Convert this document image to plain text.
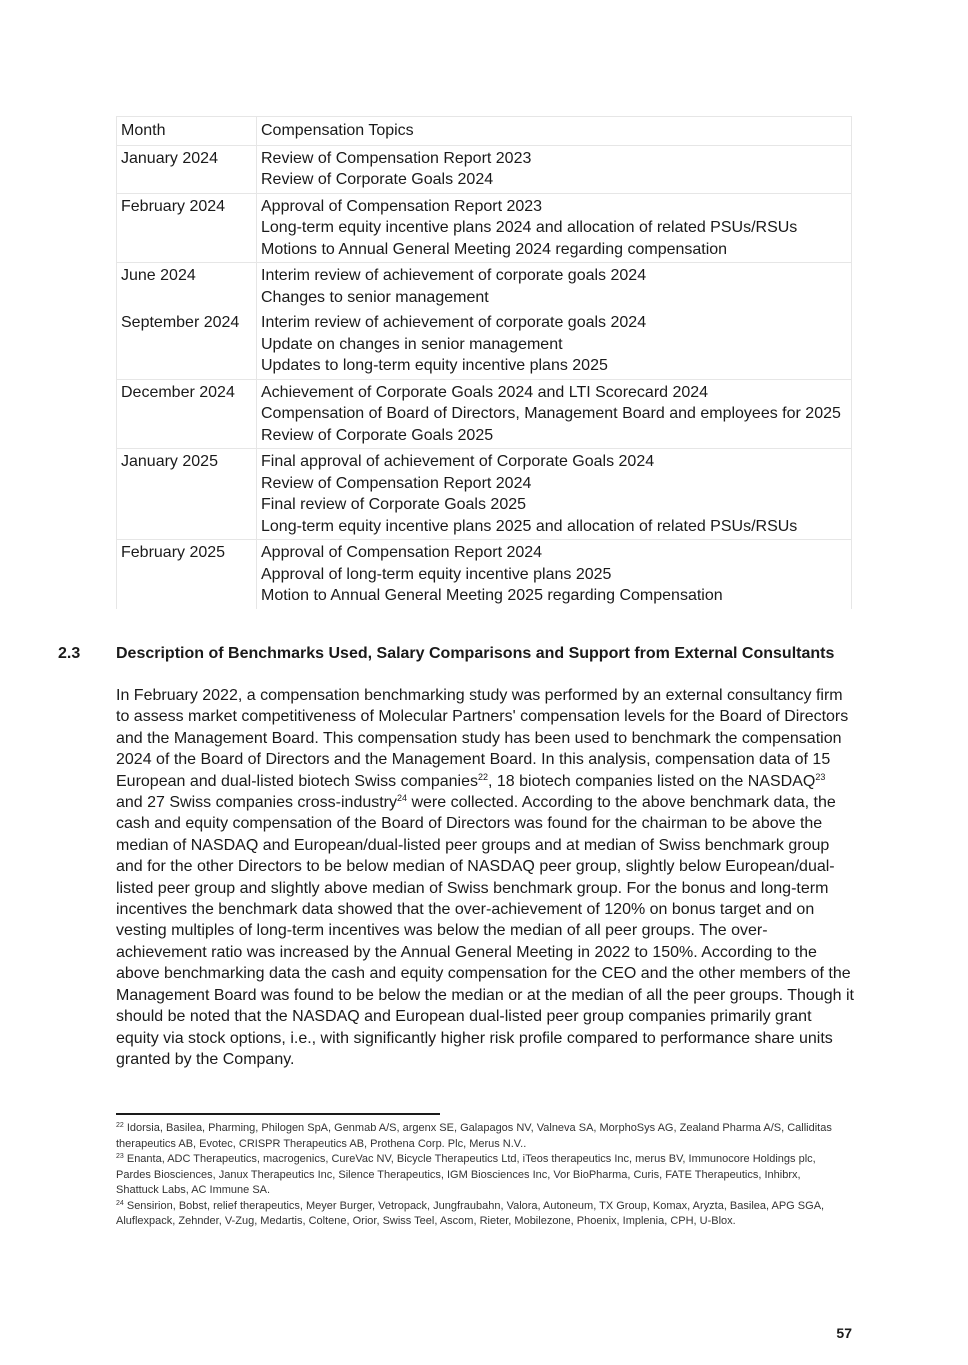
Month	Compensation Topics
January 2024	Review of Compensation Report 2023
Review of Corporate Goals 2024

February 2024	Approval of Compensation Report 2023
Long-term equity incentive plans 2024 and allocation of related PSUs/RSUs
Motions to Annual General Meeting 2024 regarding compensation

June 2024	Interim review of achievement of corporate goals 2024
Changes to senior management

September 2024	Interim review of achievement of corporate goals 2024
Update on changes in senior management
Updates to long-term equity incentive plans 2025

December 2024	Achievement of Corporate Goals 2024 and LTI Scorecard 2024
Compensation of Board of Directors, Management Board and employees for 2025
Review of Corporate Goals 2025

January 2025	Final approval of achievement of Corporate Goals 2024
Review of Compensation Report 2024
Final review of Corporate Goals 2025
Long-term equity incentive plans 2025 and allocation of related PSUs/RSUs

February 2025	Approval of Compensation Report 2024
Approval of long-term equity incentive plans 2025
Motion to Annual General Meeting 2025 regarding Compensation
2.3 Description of Benchmarks Used, Salary Comparisons and Support from External Consultants

In February 2022, a compensation benchmarking study was performed by an external consultancy firm to assess market competitiveness of Molecular Partners' compensation levels for the Board of Directors and the Management Board. This compensation study has been used to benchmark the compensation 2024 of the Board of Directors and the Management Board. In this analysis, compensation data of 15 European and dual-listed biotech Swiss companies$^{22}$, 18 biotech companies listed on the NASDAQ$^{23}$ and 27 Swiss companies cross-industry$^{24}$ were collected. According to the above benchmark data, the cash and equity compensation of the Board of Directors was found for the chairman to be above the median of NASDAQ and European/dual-listed peer groups and at median of Swiss benchmark group and for the other Directors to be below median of NASDAQ peer group, slightly below European/dual-listed peer group and slightly above median of Swiss benchmark group. For the bonus and long-term incentives the benchmark data showed that the over-achievement of 120% on bonus target and on vesting multiples of long-term incentives was below the median of all peer groups. The over-achievement ratio was increased by the Annual General Meeting in 2022 to 150%. According to the above benchmarking data the cash and equity compensation for the CEO and the other members of the Management Board was found to be below the median or at the median of all the peer groups. Though it should be noted that the NASDAQ and European dual-listed peer group companies primarily grant equity via stock options, i.e., with significantly higher risk profile compared to performance share units granted by the Company.

$^{22}$ Idorsia, Basilea, Pharming, Philogen SpA, Genmab A/S, argenx SE, Galapagos NV, Valneva SA, MorphoSys AG, Zealand Pharma A/S, Calliditas therapeutics AB, Evotec, CRISPR Therapeutics AB, Prothena Corp. Plc, Merus N.V..

$^{23}$ Enanta, ADC Therapeutics, macrogenics, CureVac NV, Bicycle Therapeutics Ltd, iTeos therapeutics Inc, merus BV, Immunocore Holdings plc, Pardes Biosciences, Janux Therapeutics Inc, Silence Therapeutics, IGM Biosciences Inc, Vor BioPharma, Curis, FATE Therapeutics, Inhibrx, Shattuck Labs, AC Immune SA.

$^{24}$ Sensirion, Bobst, relief therapeutics, Meyer Burger, Vetropack, Jungfraubahn, Valora, Autoneum, TX Group, Komax, Aryzta, Basilea, APG SGA, Aluflexpack, Zehnder, V-Zug, Medartis, Coltene, Orior, Swiss Teel, Ascom, Rieter, Mobilezone, Phoenix, Implenia, CPH, U-Blox.

57
